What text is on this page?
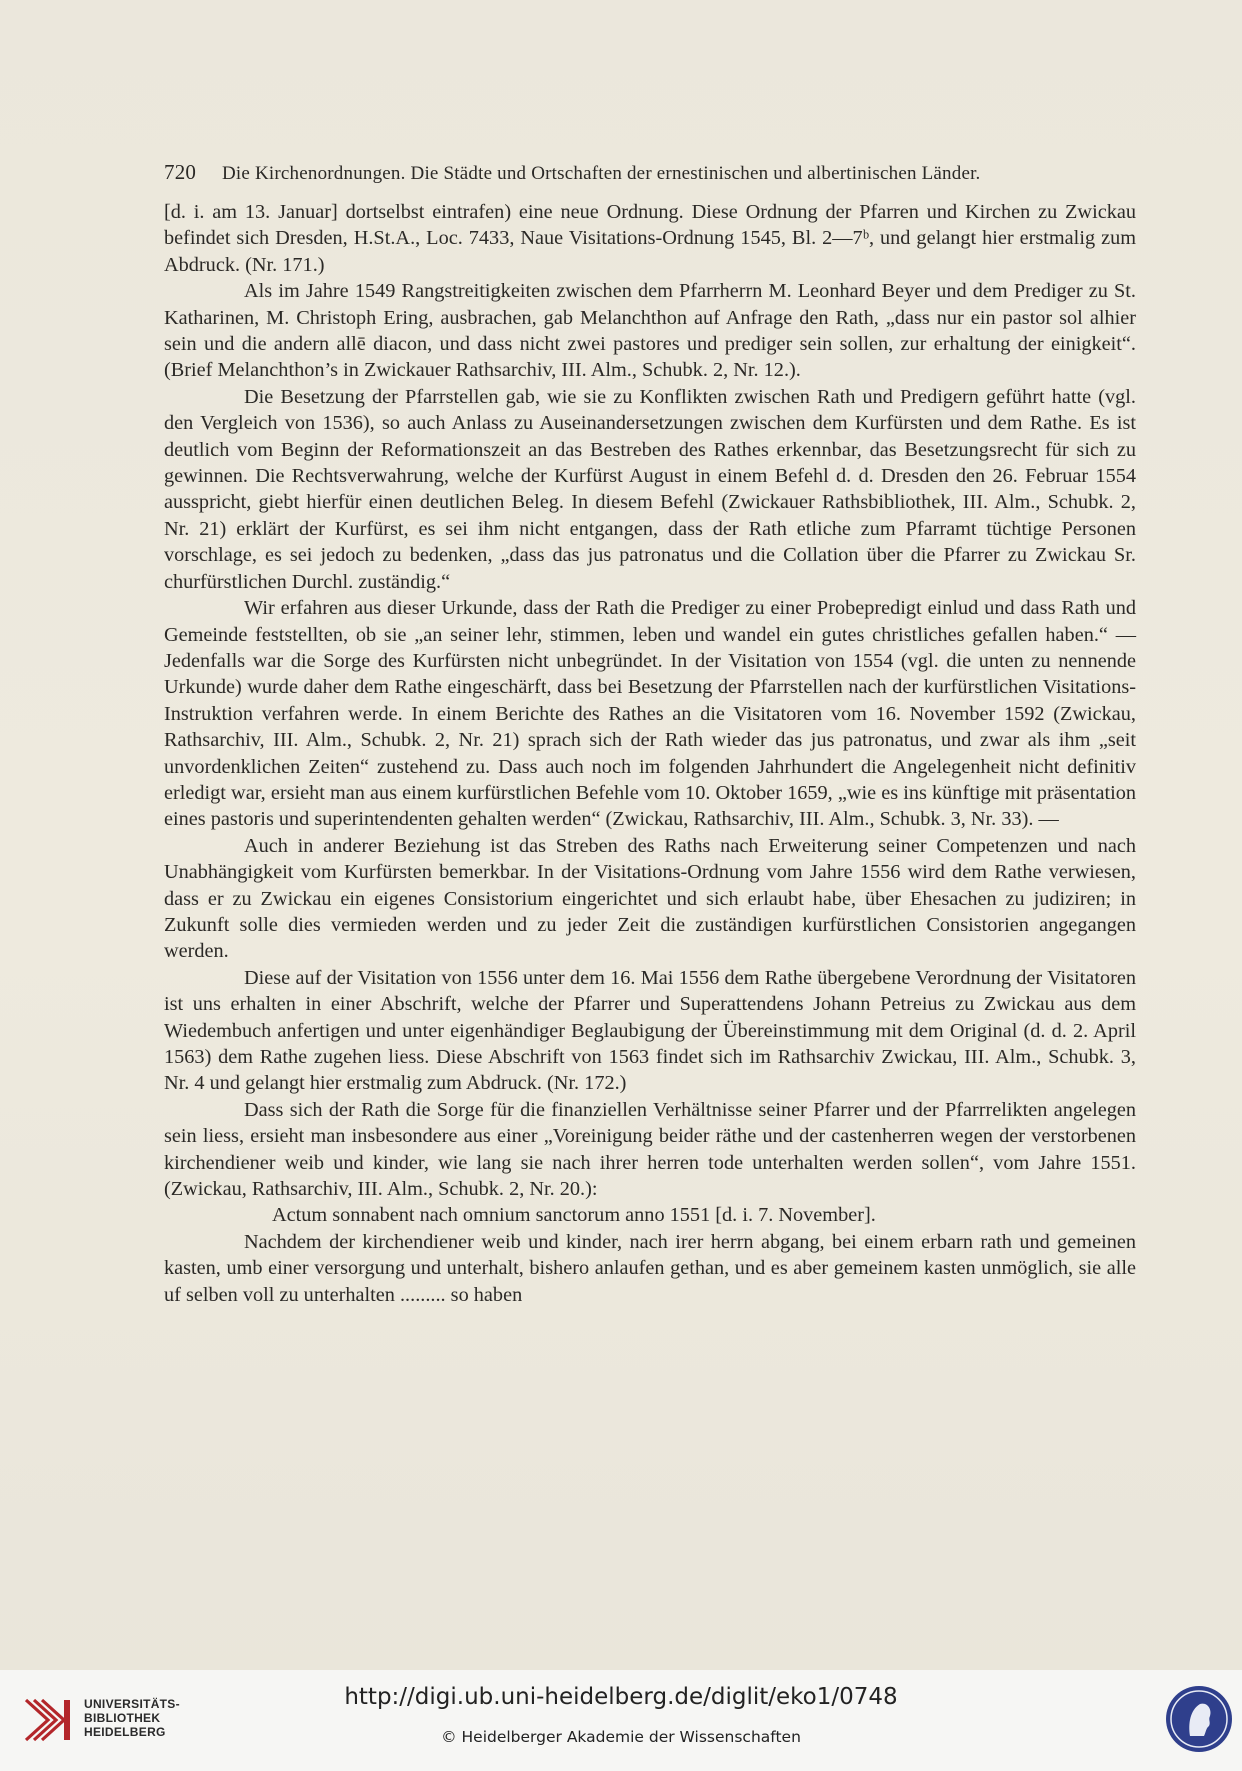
720 Die Kirchenordnungen. Die Städte und Ortschaften der ernestinischen und albertinischen Länder.

[d. i. am 13. Januar] dortselbst eintrafen) eine neue Ordnung. Diese Ordnung der Pfarren und Kirchen zu Zwickau befindet sich Dresden, H.St.A., Loc. 7433, Naue Visitations-Ordnung 1545, Bl. 2—7ᵇ, und gelangt hier erstmalig zum Abdruck. (Nr. 171.)

Als im Jahre 1549 Rangstreitigkeiten zwischen dem Pfarrherrn M. Leonhard Beyer und dem Prediger zu St. Katharinen, M. Christoph Ering, ausbrachen, gab Melanchthon auf Anfrage den Rath, „dass nur ein pastor sol alhier sein und die andern allē diacon, und dass nicht zwei pastores und prediger sein sollen, zur erhaltung der einigkeit“. (Brief Melanchthon’s in Zwickauer Rathsarchiv, III. Alm., Schubk. 2, Nr. 12.).

Die Besetzung der Pfarrstellen gab, wie sie zu Konflikten zwischen Rath und Predigern geführt hatte (vgl. den Vergleich von 1536), so auch Anlass zu Auseinandersetzungen zwischen dem Kurfürsten und dem Rathe. Es ist deutlich vom Beginn der Reformationszeit an das Bestreben des Rathes erkennbar, das Besetzungsrecht für sich zu gewinnen. Die Rechtsverwahrung, welche der Kurfürst August in einem Befehl d. d. Dresden den 26. Februar 1554 ausspricht, giebt hierfür einen deutlichen Beleg. In diesem Befehl (Zwickauer Rathsbibliothek, III. Alm., Schubk. 2, Nr. 21) erklärt der Kurfürst, es sei ihm nicht entgangen, dass der Rath etliche zum Pfarramt tüchtige Personen vorschlage, es sei jedoch zu bedenken, „dass das jus patronatus und die Collation über die Pfarrer zu Zwickau Sr. churfürstlichen Durchl. zuständig.“

Wir erfahren aus dieser Urkunde, dass der Rath die Prediger zu einer Probepredigt einlud und dass Rath und Gemeinde feststellten, ob sie „an seiner lehr, stimmen, leben und wandel ein gutes christliches gefallen haben.“ — Jedenfalls war die Sorge des Kurfürsten nicht unbegründet. In der Visitation von 1554 (vgl. die unten zu nennende Urkunde) wurde daher dem Rathe eingeschärft, dass bei Besetzung der Pfarrstellen nach der kurfürstlichen Visitations-Instruktion verfahren werde. In einem Berichte des Rathes an die Visitatoren vom 16. November 1592 (Zwickau, Rathsarchiv, III. Alm., Schubk. 2, Nr. 21) sprach sich der Rath wieder das jus patronatus, und zwar als ihm „seit unvordenklichen Zeiten“ zustehend zu. Dass auch noch im folgenden Jahrhundert die Angelegenheit nicht definitiv erledigt war, ersieht man aus einem kurfürstlichen Befehle vom 10. Oktober 1659, „wie es ins künftige mit präsentation eines pastoris und superintendenten gehalten werden“ (Zwickau, Rathsarchiv, III. Alm., Schubk. 3, Nr. 33). —

Auch in anderer Beziehung ist das Streben des Raths nach Erweiterung seiner Competenzen und nach Unabhängigkeit vom Kurfürsten bemerkbar. In der Visitations-Ordnung vom Jahre 1556 wird dem Rathe verwiesen, dass er zu Zwickau ein eigenes Consistorium eingerichtet und sich erlaubt habe, über Ehesachen zu judiziren; in Zukunft solle dies vermieden werden und zu jeder Zeit die zuständigen kurfürstlichen Consistorien angegangen werden.

Diese auf der Visitation von 1556 unter dem 16. Mai 1556 dem Rathe übergebene Verordnung der Visitatoren ist uns erhalten in einer Abschrift, welche der Pfarrer und Superattendens Johann Petreius zu Zwickau aus dem Wiedembuch anfertigen und unter eigenhändiger Beglaubigung der Übereinstimmung mit dem Original (d. d. 2. April 1563) dem Rathe zugehen liess. Diese Abschrift von 1563 findet sich im Rathsarchiv Zwickau, III. Alm., Schubk. 3, Nr. 4 und gelangt hier erstmalig zum Abdruck. (Nr. 172.)

Dass sich der Rath die Sorge für die finanziellen Verhältnisse seiner Pfarrer und der Pfarrrelikten angelegen sein liess, ersieht man insbesondere aus einer „Voreinigung beider räthe und der castenherren wegen der verstorbenen kirchendiener weib und kinder, wie lang sie nach ihrer herren tode unterhalten werden sollen“, vom Jahre 1551. (Zwickau, Rathsarchiv, III. Alm., Schubk. 2, Nr. 20.):

Actum sonnabent nach omnium sanctorum anno 1551 [d. i. 7. November].

Nachdem der kirchendiener weib und kinder, nach irer herrn abgang, bei einem erbarn rath und gemeinen kasten, umb einer versorgung und unterhalt, bishero anlaufen gethan, und es aber gemeinem kasten unmöglich, sie alle uf selben voll zu unterhalten ......... so haben

UNIVERSITÄTS-
BIBLIOTHEK
HEIDELBERG
http://digi.ub.uni-heidelberg.de/diglit/eko1/0748
© Heidelberger Akademie der Wissenschaften
